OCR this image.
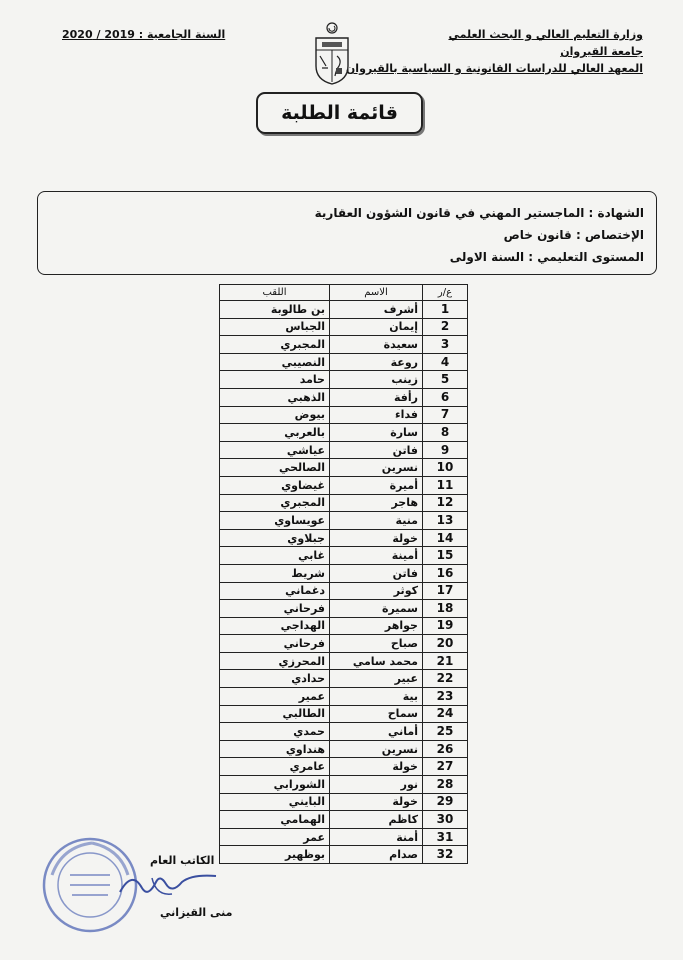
وزارة التعليم العالي و البحث العلمي
جامعة القيروان
المعهد العالي للدراسات القانونية و السياسية بالقيروان
السنة الجامعية : 2019 / 2020
قائمة الطلبة
الشهادة : الماجستير المهني في قانون الشؤون العقارية
الإختصاص : قانون خاص
المستوى التعليمي : السنة الاولى
ع/ر	الاسم	اللقب
1	أشرف	بن طالوبة
2	إيمان	الجباس
3	سعيدة	المجبري
4	روعة	النصيبي
5	زينب	حامد
6	رأفة	الذهبي
7	فداء	بيوض
8	سارة	بالعربي
9	فاتن	عياشي
10	نسرين	الصالحي
11	أميرة	غيضاوي
12	هاجر	المجبري
13	منية	عويساوي
14	خولة	جبلاوي
15	أمينة	غابي
16	فاتن	شريط
17	كوثر	دغماني
18	سميرة	فرحاني
19	جواهر	الهداجي
20	صباح	فرحاني
21	محمد سامي	المحرزي
22	عبير	حدادي
23	بية	عمير
24	سماح	الطالبي
25	أماني	حمدي
26	نسرين	هنداوي
27	خولة	عامري
28	نور	الشورابي
29	خولة	البايني
30	كاظم	الهمامي
31	أمنة	عمر
32	صدام	بوظهير
الكاتب العام
منى القيزاني
